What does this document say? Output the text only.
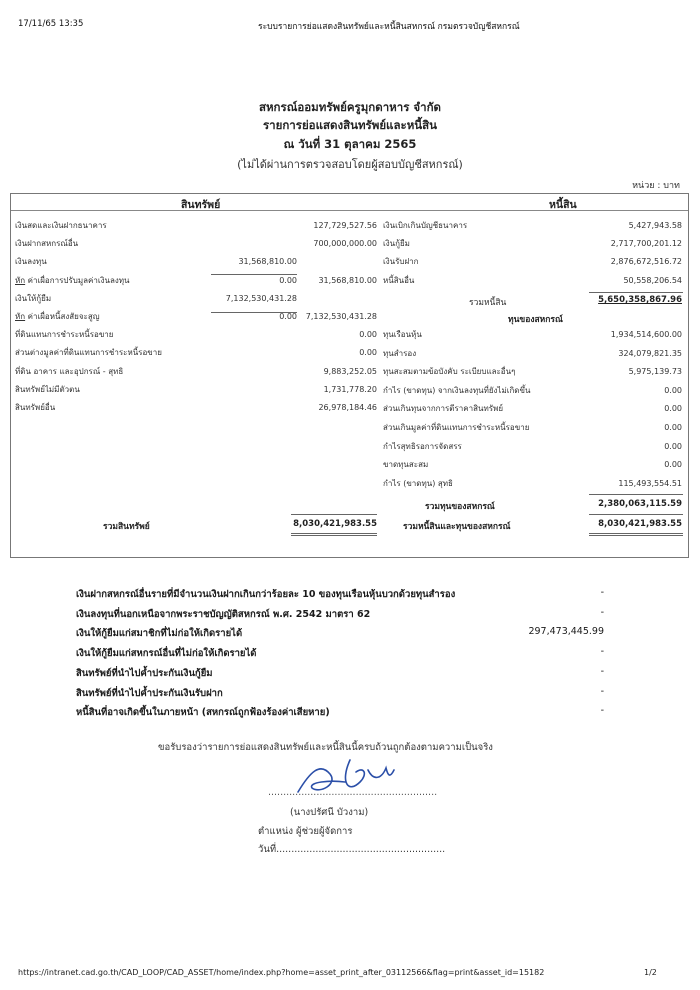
17/11/65 13:35	ระบบรายการย่อแสดงสินทรัพย์และหนี้สินสหกรณ์ กรมตรวจบัญชีสหกรณ์
สหกรณ์ออมทรัพย์ครูมุกดาหาร จำกัด
รายการย่อแสดงสินทรัพย์และหนี้สิน
ณ วันที่ 31 ตุลาคม 2565
(ไม่ได้ผ่านการตรวจสอบโดยผู้สอบบัญชีสหกรณ์)
หน่วย : บาท
สินทรัพย์	หนี้สิน
เงินสดและเงินฝากธนาคาร	127,729,527.56
เงินฝากสหกรณ์อื่น	700,000,000.00
เงินลงทุน	31,568,810.00
หัก ค่าเผื่อการปรับมูลค่าเงินลงทุน	0.00	31,568,810.00
เงินให้กู้ยืม	7,132,530,431.28
หัก ค่าเผื่อหนี้สงสัยจะสูญ	0.00	7,132,530,431.28
ที่ดินแทนการชำระหนี้รอขาย	0.00
ส่วนต่างมูลค่าที่ดินแทนการชำระหนี้รอขาย	0.00
ที่ดิน อาคาร และอุปกรณ์ - สุทธิ	9,883,252.05
สินทรัพย์ไม่มีตัวตน	1,731,778.20
สินทรัพย์อื่น	26,978,184.46
เงินเบิกเกินบัญชีธนาคาร	5,427,943.58
เงินกู้ยืม	2,717,700,201.12
เงินรับฝาก	2,876,672,516.72
หนี้สินอื่น	50,558,206.54
รวมหนี้สิน	5,650,358,867.96
ทุนของสหกรณ์
ทุนเรือนหุ้น	1,934,514,600.00
ทุนสำรอง	324,079,821.35
ทุนสะสมตามข้อบังคับ ระเบียบและอื่นๆ	5,975,139.73
กำไร (ขาดทุน) จากเงินลงทุนที่ยังไม่เกิดขึ้น	0.00
ส่วนเกินทุนจากการตีราคาสินทรัพย์	0.00
ส่วนเกินมูลค่าที่ดินแทนการชำระหนี้รอขาย	0.00
กำไรสุทธิรอการจัดสรร	0.00
ขาดทุนสะสม	0.00
กำไร (ขาดทุน) สุทธิ	115,493,554.51
รวมทุนของสหกรณ์	2,380,063,115.59
รวมสินทรัพย์	8,030,421,983.55	รวมหนี้สินและทุนของสหกรณ์	8,030,421,983.55
เงินฝากสหกรณ์อื่นรายที่มีจำนวนเงินฝากเกินกว่าร้อยละ 10 ของทุนเรือนหุ้นบวกด้วยทุนสำรอง	-
เงินลงทุนที่นอกเหนือจากพระราชบัญญัติสหกรณ์ พ.ศ. 2542 มาตรา 62	-
เงินให้กู้ยืมแก่สมาชิกที่ไม่ก่อให้เกิดรายได้	297,473,445.99
เงินให้กู้ยืมแก่สหกรณ์อื่นที่ไม่ก่อให้เกิดรายได้	-
สินทรัพย์ที่นำไปค้ำประกันเงินกู้ยืม	-
สินทรัพย์ที่นำไปค้ำประกันเงินรับฝาก	-
หนี้สินที่อาจเกิดขึ้นในภายหน้า (สหกรณ์ถูกฟ้องร้องค่าเสียหาย)	-
ขอรับรองว่ารายการย่อแสดงสินทรัพย์และหนี้สินนี้ครบถ้วนถูกต้องตามความเป็นจริง
........................................................
(นางปรัศนี บัวงาม)
ตำแหน่ง ผู้ช่วยผู้จัดการ
วันที่........................................................
https://intranet.cad.go.th/CAD_LOOP/CAD_ASSET/home/index.php?home=asset_print_after_03112566&flag=print&asset_id=15182	1/2
